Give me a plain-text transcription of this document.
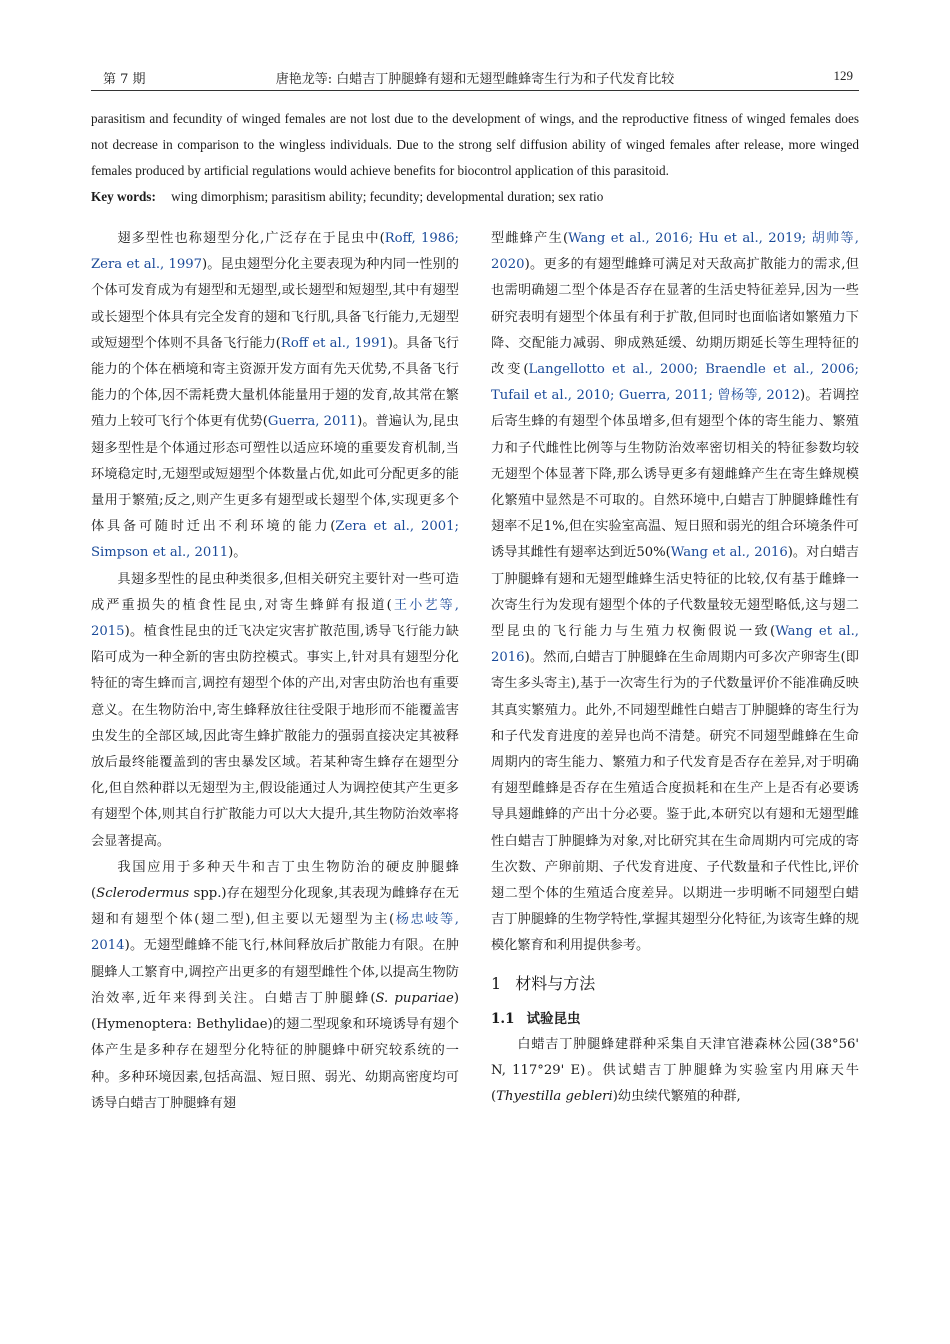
第 7 期	唐艳龙等: 白蜡吉丁肿腿蜂有翅和无翅型雌蜂寄生行为和子代发育比较	129

parasitism and fecundity of winged females are not lost due to the development of wings, and the reproductive fitness of winged females does not decrease in comparison to the wingless individuals. Due to the strong self diffusion ability of winged females after release, more winged females produced by artificial regulations would achieve benefits for biocontrol application of this parasitoid.

Key words: wing dimorphism; parasitism ability; fecundity; developmental duration; sex ratio

翅多型性也称翅型分化,广泛存在于昆虫中(Roff, 1986; Zera et al., 1997)。昆虫翅型分化主要表现为种内同一性别的个体可发育成为有翅型和无翅型,或长翅型和短翅型,其中有翅型或长翅型个体具有完全发育的翅和飞行肌,具备飞行能力,无翅型或短翅型个体则不具备飞行能力(Roff et al., 1991)。具备飞行能力的个体在栖境和寄主资源开发方面有先天优势,不具备飞行能力的个体,因不需耗费大量机体能量用于翅的发育,故其常在繁殖力上较可飞行个体更有优势(Guerra, 2011)。普遍认为,昆虫翅多型性是个体通过形态可塑性以适应环境的重要发育机制,当环境稳定时,无翅型或短翅型个体数量占优,如此可分配更多的能量用于繁殖;反之,则产生更多有翅型或长翅型个体,实现更多个体具备可随时迁出不利环境的能力(Zera et al., 2001; Simpson et al., 2011)。

具翅多型性的昆虫种类很多,但相关研究主要针对一些可造成严重损失的植食性昆虫,对寄生蜂鲜有报道(王小艺等, 2015)。植食性昆虫的迁飞决定灾害扩散范围,诱导飞行能力缺陷可成为一种全新的害虫防控模式。事实上,针对具有翅型分化特征的寄生蜂而言,调控有翅型个体的产出,对害虫防治也有重要意义。在生物防治中,寄生蜂释放往往受限于地形而不能覆盖害虫发生的全部区域,因此寄生蜂扩散能力的强弱直接决定其被释放后最终能覆盖到的害虫暴发区域。若某种寄生蜂存在翅型分化,但自然种群以无翅型为主,假设能通过人为调控使其产生更多有翅型个体,则其自行扩散能力可以大大提升,其生物防治效率将会显著提高。

我国应用于多种天牛和吉丁虫生物防治的硬皮肿腿蜂(Sclerodermus spp.)存在翅型分化现象,其表现为雌蜂存在无翅和有翅型个体(翅二型),但主要以无翅型为主(杨忠岐等, 2014)。无翅型雌蜂不能飞行,林间释放后扩散能力有限。在肿腿蜂人工繁育中,调控产出更多的有翅型雌性个体,以提高生物防治效率,近年来得到关注。白蜡吉丁肿腿蜂(S. pupariae)(Hymenoptera: Bethylidae)的翅二型现象和环境诱导有翅个体产生是多种存在翅型分化特征的肿腿蜂中研究较系统的一种。多种环境因素,包括高温、短日照、弱光、幼期高密度均可诱导白蜡吉丁肿腿蜂有翅

型雌蜂产生(Wang et al., 2016; Hu et al., 2019; 胡帅等, 2020)。更多的有翅型雌蜂可满足对天敌高扩散能力的需求,但也需明确翅二型个体是否存在显著的生活史特征差异,因为一些研究表明有翅型个体虽有利于扩散,但同时也面临诸如繁殖力下降、交配能力减弱、卵成熟延缓、幼期历期延长等生理特征的改变(Langellotto et al., 2000; Braendle et al., 2006; Tufail et al., 2010; Guerra, 2011; 曾杨等, 2012)。若调控后寄生蜂的有翅型个体虽增多,但有翅型个体的寄生能力、繁殖力和子代雌性比例等与生物防治效率密切相关的特征参数均较无翅型个体显著下降,那么诱导更多有翅雌蜂产生在寄生蜂规模化繁殖中显然是不可取的。自然环境中,白蜡吉丁肿腿蜂雌性有翅率不足1%,但在实验室高温、短日照和弱光的组合环境条件可诱导其雌性有翅率达到近50%(Wang et al., 2016)。对白蜡吉丁肿腿蜂有翅和无翅型雌蜂生活史特征的比较,仅有基于雌蜂一次寄生行为发现有翅型个体的子代数量较无翅型略低,这与翅二型昆虫的飞行能力与生殖力权衡假说一致(Wang et al., 2016)。然而,白蜡吉丁肿腿蜂在生命周期内可多次产卵寄生(即寄生多头寄主),基于一次寄生行为的子代数量评价不能准确反映其真实繁殖力。此外,不同翅型雌性白蜡吉丁肿腿蜂的寄生行为和子代发育进度的差异也尚不清楚。研究不同翅型雌蜂在生命周期内的寄生能力、繁殖力和子代发育是否存在差异,对于明确有翅型雌蜂是否存在生殖适合度损耗和在生产上是否有必要诱导具翅雌蜂的产出十分必要。鉴于此,本研究以有翅和无翅型雌性白蜡吉丁肿腿蜂为对象,对比研究其在生命周期内可完成的寄生次数、产卵前期、子代发育进度、子代数量和子代性比,评价翅二型个体的生殖适合度差异。以期进一步明晰不同翅型白蜡吉丁肿腿蜂的生物学特性,掌握其翅型分化特征,为该寄生蜂的规模化繁育和利用提供参考。

1 材料与方法
1.1 试验昆虫

白蜡吉丁肿腿蜂建群种采集自天津官港森林公园(38°56' N, 117°29' E)。供试蜡吉丁肿腿蜂为实验室内用麻天牛(Thyestilla gebleri)幼虫续代繁殖的种群,
